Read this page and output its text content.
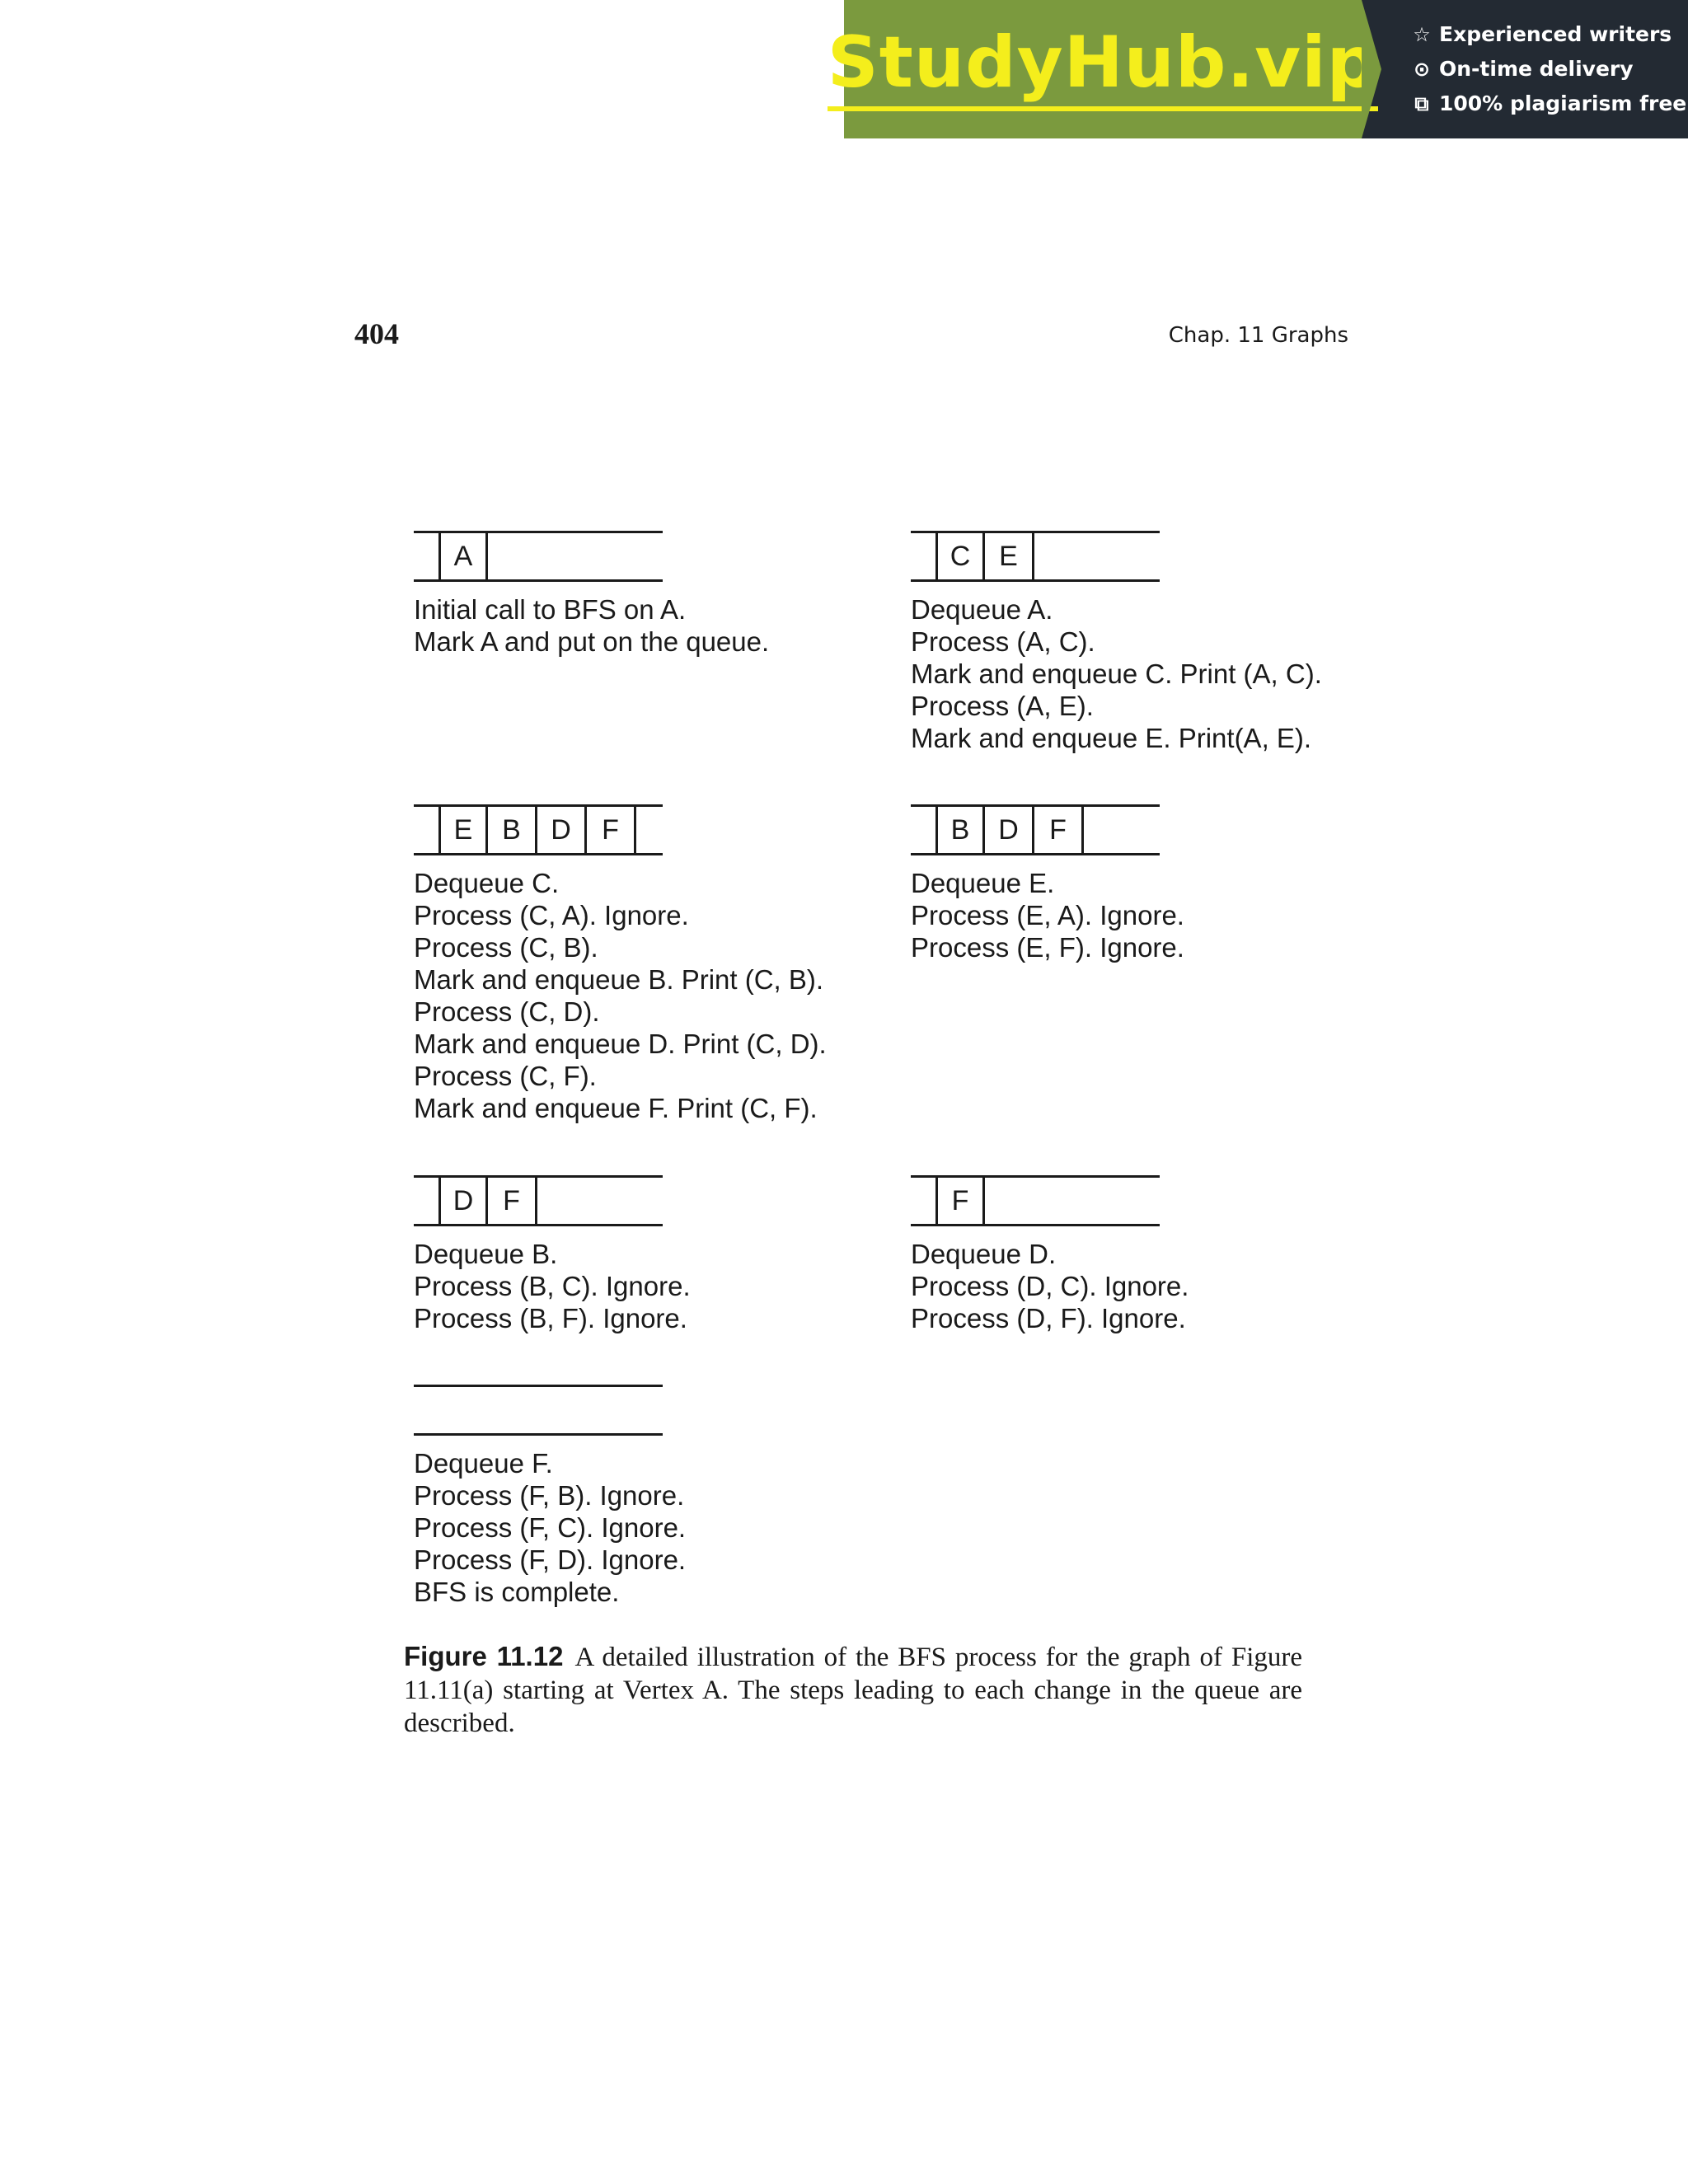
StudyHub.vip ☆ Experienced writers
⊙ On-time delivery
⧉ 100% plagiarism free
404	Chap. 11 Graphs
A
Initial call to BFS on A.
Mark A and put on the queue.
C	E
Dequeue A.
Process (A, C).
Mark and enqueue C. Print (A, C).
Process (A, E).
Mark and enqueue E. Print(A, E).
E	B	D	F
Dequeue C.
Process (C, A). Ignore.
Process (C, B).
Mark and enqueue B. Print (C, B).
Process (C, D).
Mark and enqueue D. Print (C, D).
Process (C, F).
Mark and enqueue F. Print (C, F).
B	D	F
Dequeue E.
Process (E, A). Ignore.
Process (E, F). Ignore.
D	F
Dequeue B.
Process (B, C). Ignore.
Process (B, F). Ignore.
F
Dequeue D.
Process (D, C). Ignore.
Process (D, F). Ignore.
Dequeue F.
Process (F, B). Ignore.
Process (F, C). Ignore.
Process (F, D). Ignore.
BFS is complete.
Figure 11.12 A detailed illustration of the BFS process for the graph of Figure 11.11(a) starting at Vertex A. The steps leading to each change in the queue are described.
